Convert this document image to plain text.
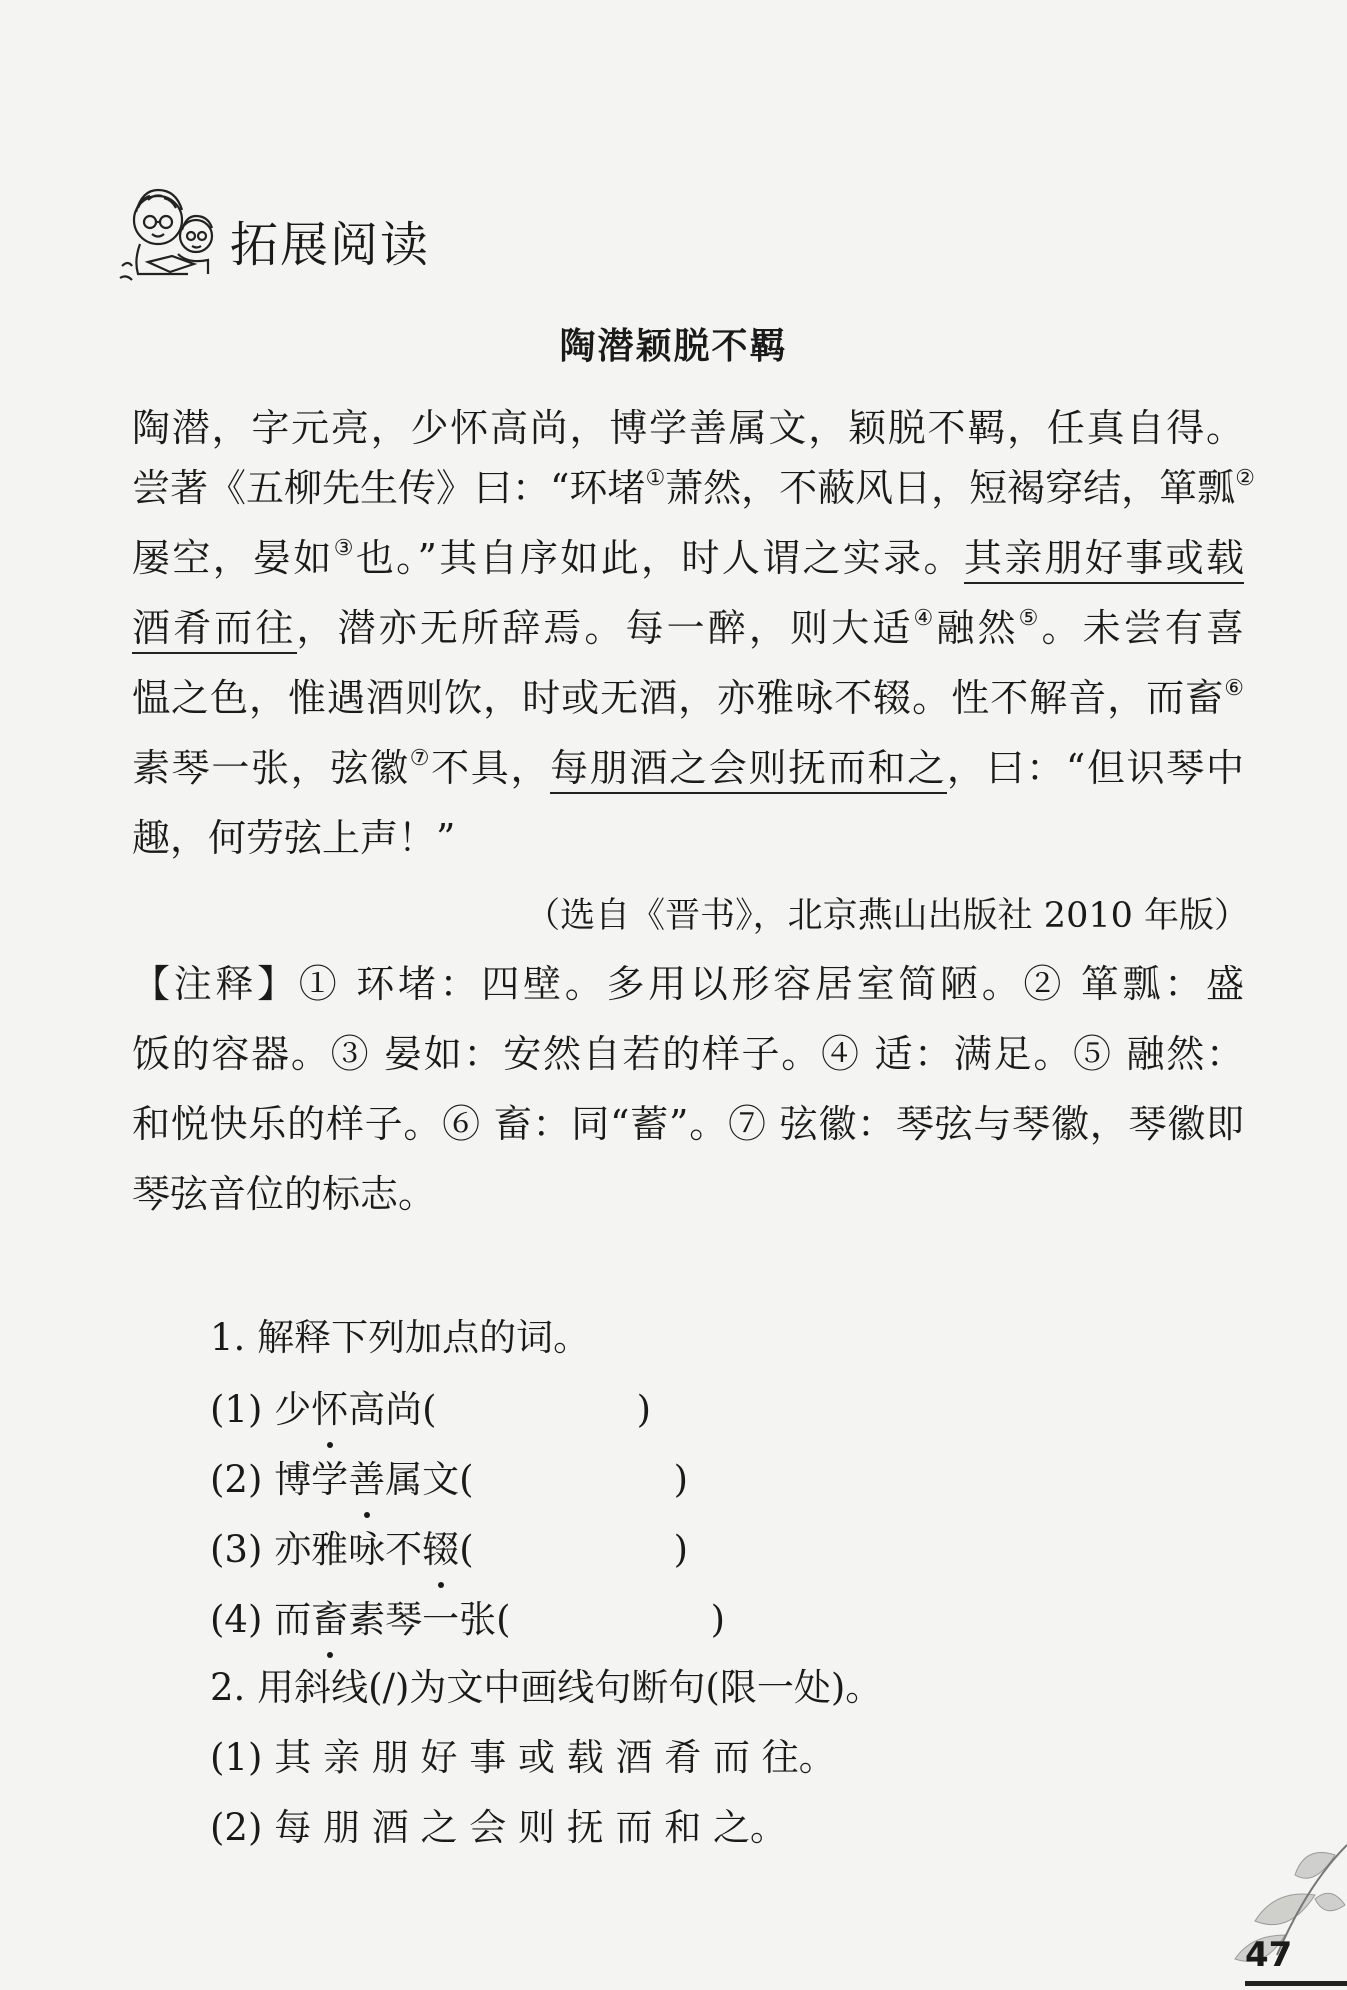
拓展阅读
陶潜颖脱不羁
陶潜，字元亮，少怀高尚，博学善属文，颖脱不羁，任真自得。
尝著《五柳先生传》曰：“环堵①萧然，不蔽风日，短褐穿结，箪瓢②
屡空，晏如③也。”其自序如此，时人谓之实录。其亲朋好事或载
酒肴而往，潜亦无所辞焉。每一醉，则大适④融然⑤。未尝有喜
愠之色，惟遇酒则饮，时或无酒，亦雅咏不辍。性不解音，而畜⑥
素琴一张，弦徽⑦不具，每朋酒之会则抚而和之，曰：“但识琴中
趣，何劳弦上声！”
（选自《晋书》，北京燕山出版社 2010 年版）
【注释】① 环堵：四壁。多用以形容居室简陋。② 箪瓢：盛
饭的容器。③ 晏如：安然自若的样子。④ 适：满足。⑤ 融然：
和悦快乐的样子。⑥ 畜：同“蓄”。⑦ 弦徽：琴弦与琴徽，琴徽即
琴弦音位的标志。
1. 解释下列加点的词。
(1) 少怀高尚(	)
(2) 博学善属文(	)
(3) 亦雅咏不辍(	)
(4) 而畜素琴一张(	)
2. 用斜线(/)为文中画线句断句(限一处)。
(1) 其 亲 朋 好 事 或 载 酒 肴 而 往。
(2) 每 朋 酒 之 会 则 抚 而 和 之。
47
